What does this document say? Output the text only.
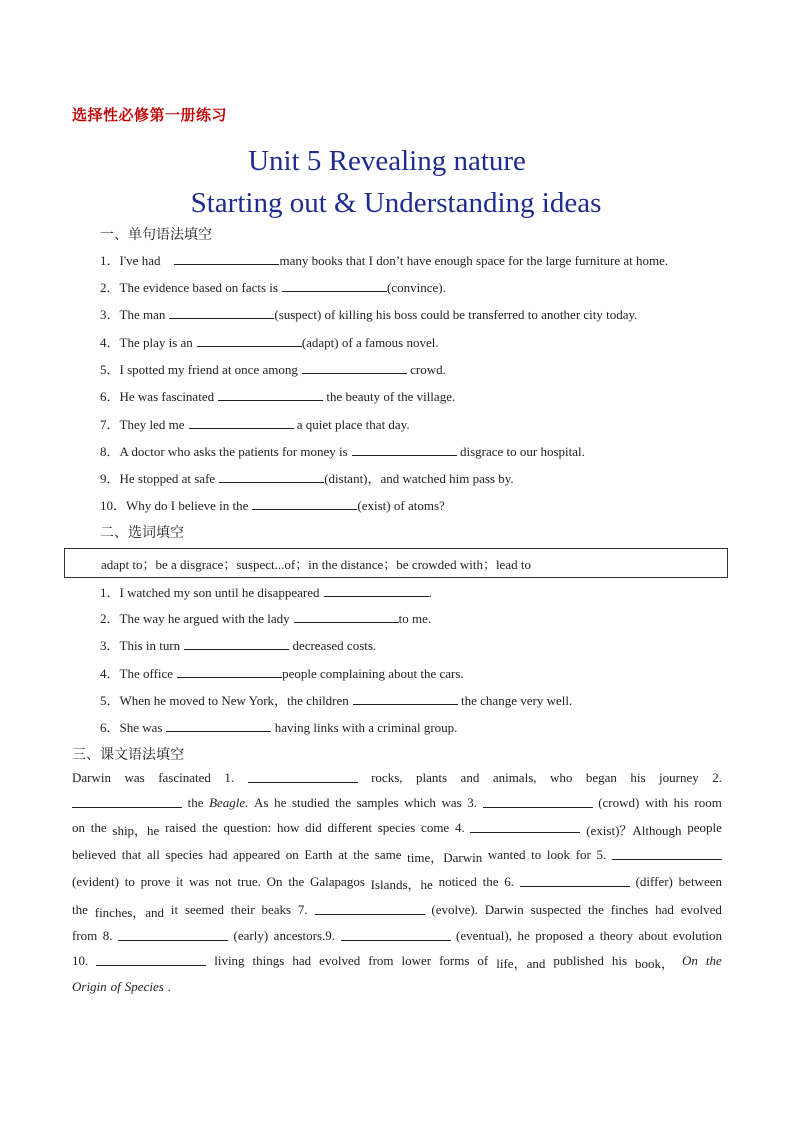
选择性必修第一册练习
Unit 5 Revealing nature
Starting out & Understanding ideas
一、单句语法填空
1．I've had	many books that I don’t have enough space for the large furniture at home.
2．The evidence based on facts is	(convince).
3．The man	(suspect) of killing his boss could be transferred to another city today.
4．The play is an	(adapt) of a famous novel.
5．I spotted my friend at once among	crowd.
6．He was fascinated	the beauty of the village.
7．They led me	a quiet place that day.
8．A doctor who asks the patients for money is	disgrace to our hospital.
9．He stopped at safe	(distant)，and watched him pass by.
10．Why do I believe in the	(exist) of atoms?
二、选词填空
adapt to；be a disgrace；suspect...of；in the distance；be crowded with；lead to
1．I watched my son until he disappeared	.
2．The way he argued with the lady	to me.
3．This in turn	decreased costs.
4．The office	people complaining about the cars.
5．When he moved to New York，the children	the change very well.
6．She was	having links with a criminal group.
三、课文语法填空
Darwin was fascinated 1.	rocks, plants and animals, who began his journey 2.
the Beagle. As he studied the samples which was 3.	(crowd) with his room
on the ship，he raised the question: how did different species come 4.	(exist)？Although people
believed that all species had appeared on Earth at the same time，Darwin wanted to look for 5.
(evident) to prove it was not true. On the Galapagos Islands，he noticed the 6.	(differ) between
the finches，and it seemed their beaks 7.	(evolve). Darwin suspected the finches had evolved
from 8.	(early) ancestors.9.	(eventual), he proposed a theory about evolution
10.	living things had evolved from lower forms of life，and published his book， On the
Origin of Species .
